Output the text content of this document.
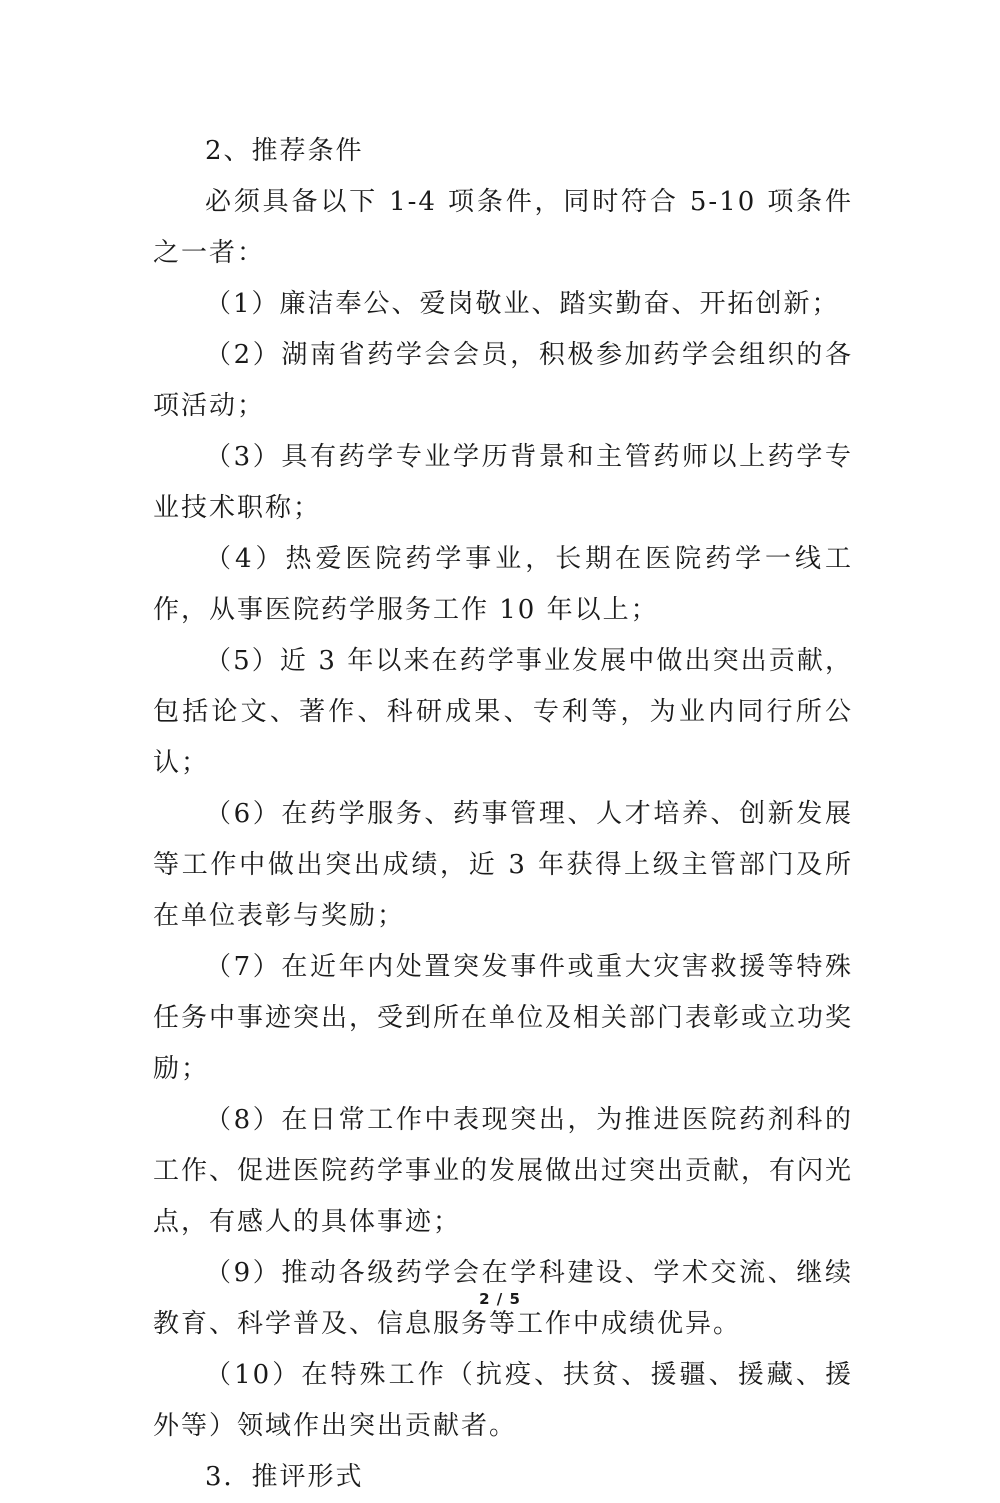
2、推荐条件

必须具备以下 1-4 项条件，同时符合 5-10 项条件之一者：

（1）廉洁奉公、爱岗敬业、踏实勤奋、开拓创新；

（2）湖南省药学会会员，积极参加药学会组织的各项活动；

（3）具有药学专业学历背景和主管药师以上药学专业技术职称；

（4）热爱医院药学事业，长期在医院药学一线工作，从事医院药学服务工作 10 年以上；

（5）近 3 年以来在药学事业发展中做出突出贡献，包括论文、著作、科研成果、专利等，为业内同行所公认；

（6）在药学服务、药事管理、人才培养、创新发展等工作中做出突出成绩，近 3 年获得上级主管部门及所在单位表彰与奖励；

（7）在近年内处置突发事件或重大灾害救援等特殊任务中事迹突出，受到所在单位及相关部门表彰或立功奖励；

（8）在日常工作中表现突出，为推进医院药剂科的工作、促进医院药学事业的发展做出过突出贡献，有闪光点，有感人的具体事迹；

（9）推动各级药学会在学科建设、学术交流、继续教育、科学普及、信息服务等工作中成绩优异。

（10）在特殊工作（抗疫、扶贫、援疆、援藏、援外等）领域作出突出贡献者。

3．推评形式

2 / 5
